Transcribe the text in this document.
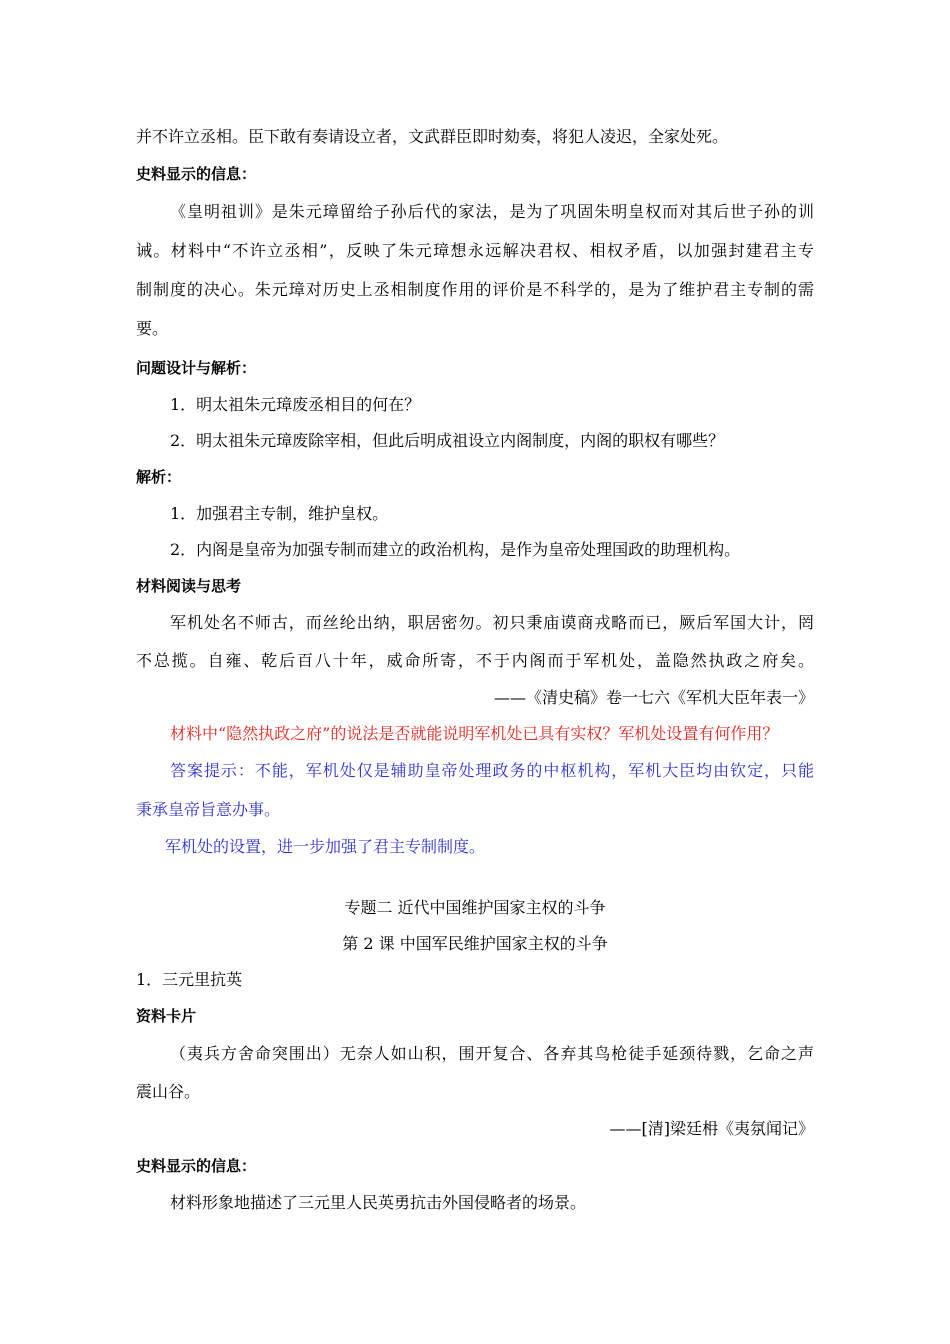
并不许立丞相。臣下敢有奏请设立者，文武群臣即时劾奏，将犯人凌迟，全家处死。
史料显示的信息：
《皇明祖训》是朱元璋留给子孙后代的家法，是为了巩固朱明皇权而对其后世子孙的训
诫。材料中“不许立丞相”，反映了朱元璋想永远解决君权、相权矛盾，以加强封建君主专
制制度的决心。朱元璋对历史上丞相制度作用的评价是不科学的，是为了维护君主专制的需
要。
问题设计与解析：
1．明太祖朱元璋废丞相目的何在？
2．明太祖朱元璋废除宰相，但此后明成祖设立内阁制度，内阁的职权有哪些？
解析：
1．加强君主专制，维护皇权。
2．内阁是皇帝为加强专制而建立的政治机构，是作为皇帝处理国政的助理机构。
材料阅读与思考
军机处名不师古，而丝纶出纳，职居密勿。初只秉庙谟商戎略而已，厥后军国大计，罔
不总揽。自雍、乾后百八十年，威命所寄，不于内阁而于军机处，盖隐然执政之府矣。
——《清史稿》卷一七六《军机大臣年表一》
材料中“隐然执政之府”的说法是否就能说明军机处已具有实权？军机处设置有何作用？
答案提示：不能，军机处仅是辅助皇帝处理政务的中枢机构，军机大臣均由钦定，只能
秉承皇帝旨意办事。
军机处的设置，进一步加强了君主专制制度。
专题二 近代中国维护国家主权的斗争
第 2 课 中国军民维护国家主权的斗争
1．三元里抗英
资料卡片
（夷兵方舍命突围出）无奈人如山积，围开复合、各弃其鸟枪徒手延颈待戮，乞命之声
震山谷。
——[清]梁廷枏《夷氛闻记》
史料显示的信息：
材料形象地描述了三元里人民英勇抗击外国侵略者的场景。
